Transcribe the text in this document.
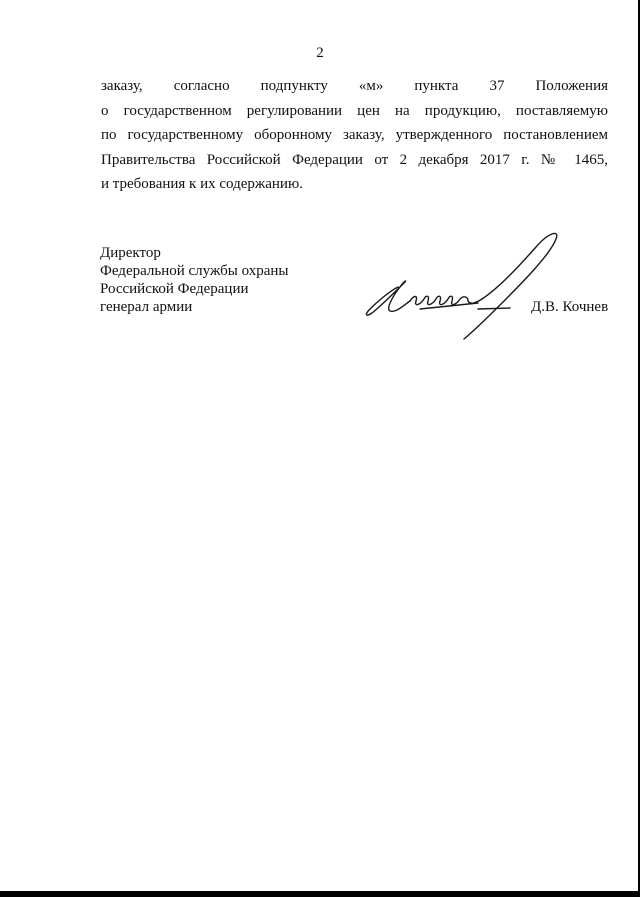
2
заказу, согласно подпункту «м» пункта 37 Положения
о государственном регулировании цен на продукцию, поставляемую
по государственному оборонному заказу, утвержденного постановлением
Правительства Российской Федерации от 2 декабря 2017 г. № 1465,
и требования к их содержанию.
Директор
Федеральной службы охраны
Российской Федерации
генерал армии	Д.В. Кочнев
